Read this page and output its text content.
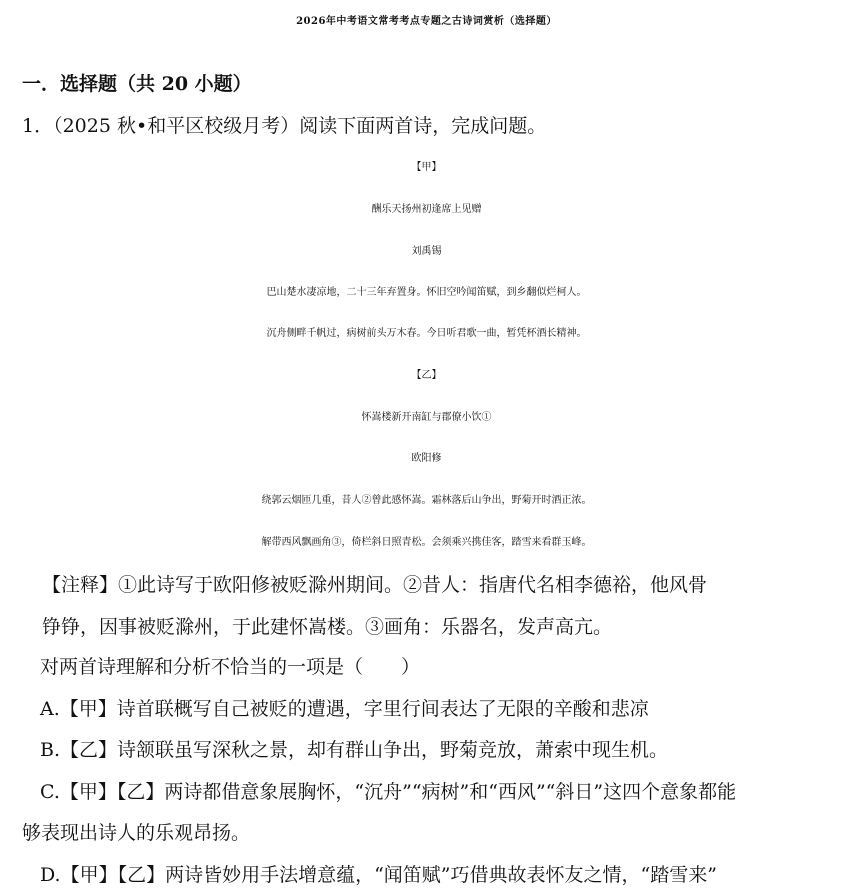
2026年中考语文常考考点专题之古诗词赏析（选择题）
一．选择题（共 20 小题）
1．（2025 秋•和平区校级月考）阅读下面两首诗，完成问题。
【甲】
酬乐天扬州初逢席上见赠
刘禹锡
巴山楚水凄凉地，二十三年弃置身。怀旧空吟闻笛赋，到乡翻似烂柯人。
沉舟侧畔千帆过，病树前头万木春。今日听君歌一曲，暂凭杯酒长精神。
【乙】
怀嵩楼新开南缸与郡僚小饮①
欧阳修
绕郭云烟匝几重，昔人②曾此感怀嵩。霜林落后山争出，野菊开时酒正浓。
解带西风飘画角③，倚栏斜日照青松。会须乘兴携佳客，踏雪来看群玉峰。
【注释】①此诗写于欧阳修被贬滁州期间。②昔人：指唐代名相李德裕，他风骨
铮铮，因事被贬滁州，于此建怀嵩楼。③画角：乐器名，发声高亢。
对两首诗理解和分析不恰当的一项是（　　）
A.【甲】诗首联概写自己被贬的遭遇，字里行间表达了无限的辛酸和悲凉
B.【乙】诗颔联虽写深秋之景，却有群山争出，野菊竞放，萧索中现生机。
C.【甲】【乙】两诗都借意象展胸怀，“沉舟”“病树”和“西风”“斜日”这四个意象都能
够表现出诗人的乐观昂扬。
D.【甲】【乙】两诗皆妙用手法增意蕴，“闻笛赋”巧借典故表怀友之情，“踏雪来”
